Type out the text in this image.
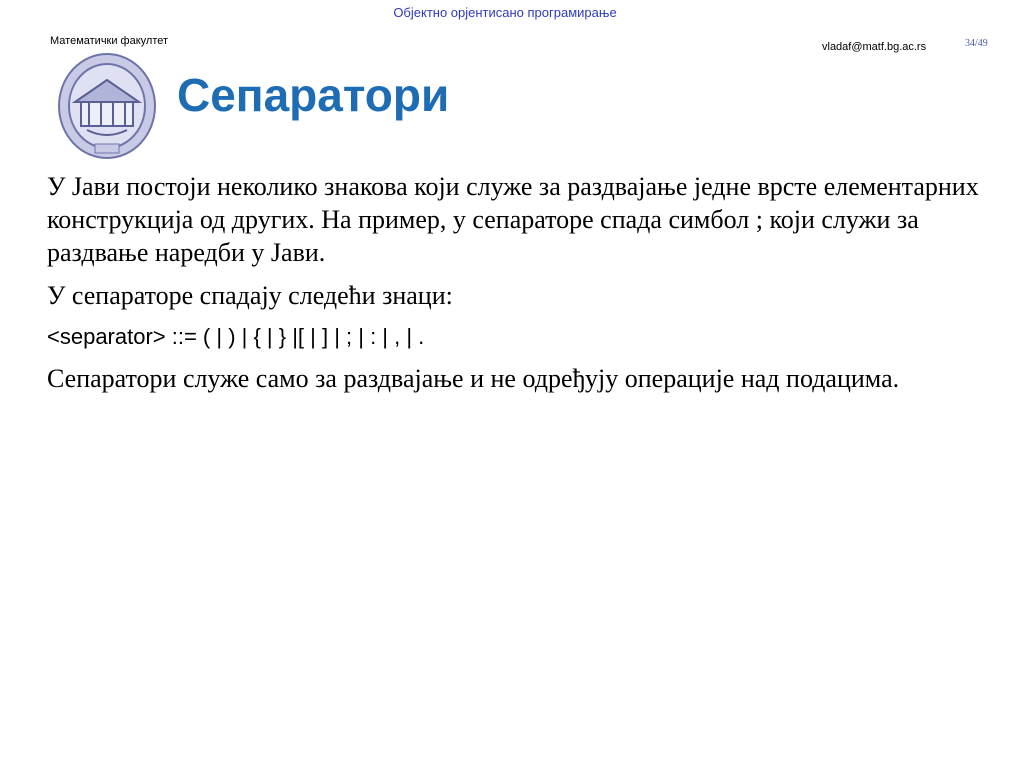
Објектно орјентисано програмирање
Математички факултет	vladaf@matf.bg.ac.rs	34/49
Сепаратори

У Јави постоји неколико знакова који служе за раздвајање једне врсте елементарних конструкција од других. На пример, у сепараторе спада симбол ; који служи за раздвање наредби у Јави.

У сепараторе спадају следећи знаци:

<separator> ::= ( | ) | { | } |[ | ] | ; | : | , | .

Сепаратори служе само за раздвајање и не одређују операције над подацима.
